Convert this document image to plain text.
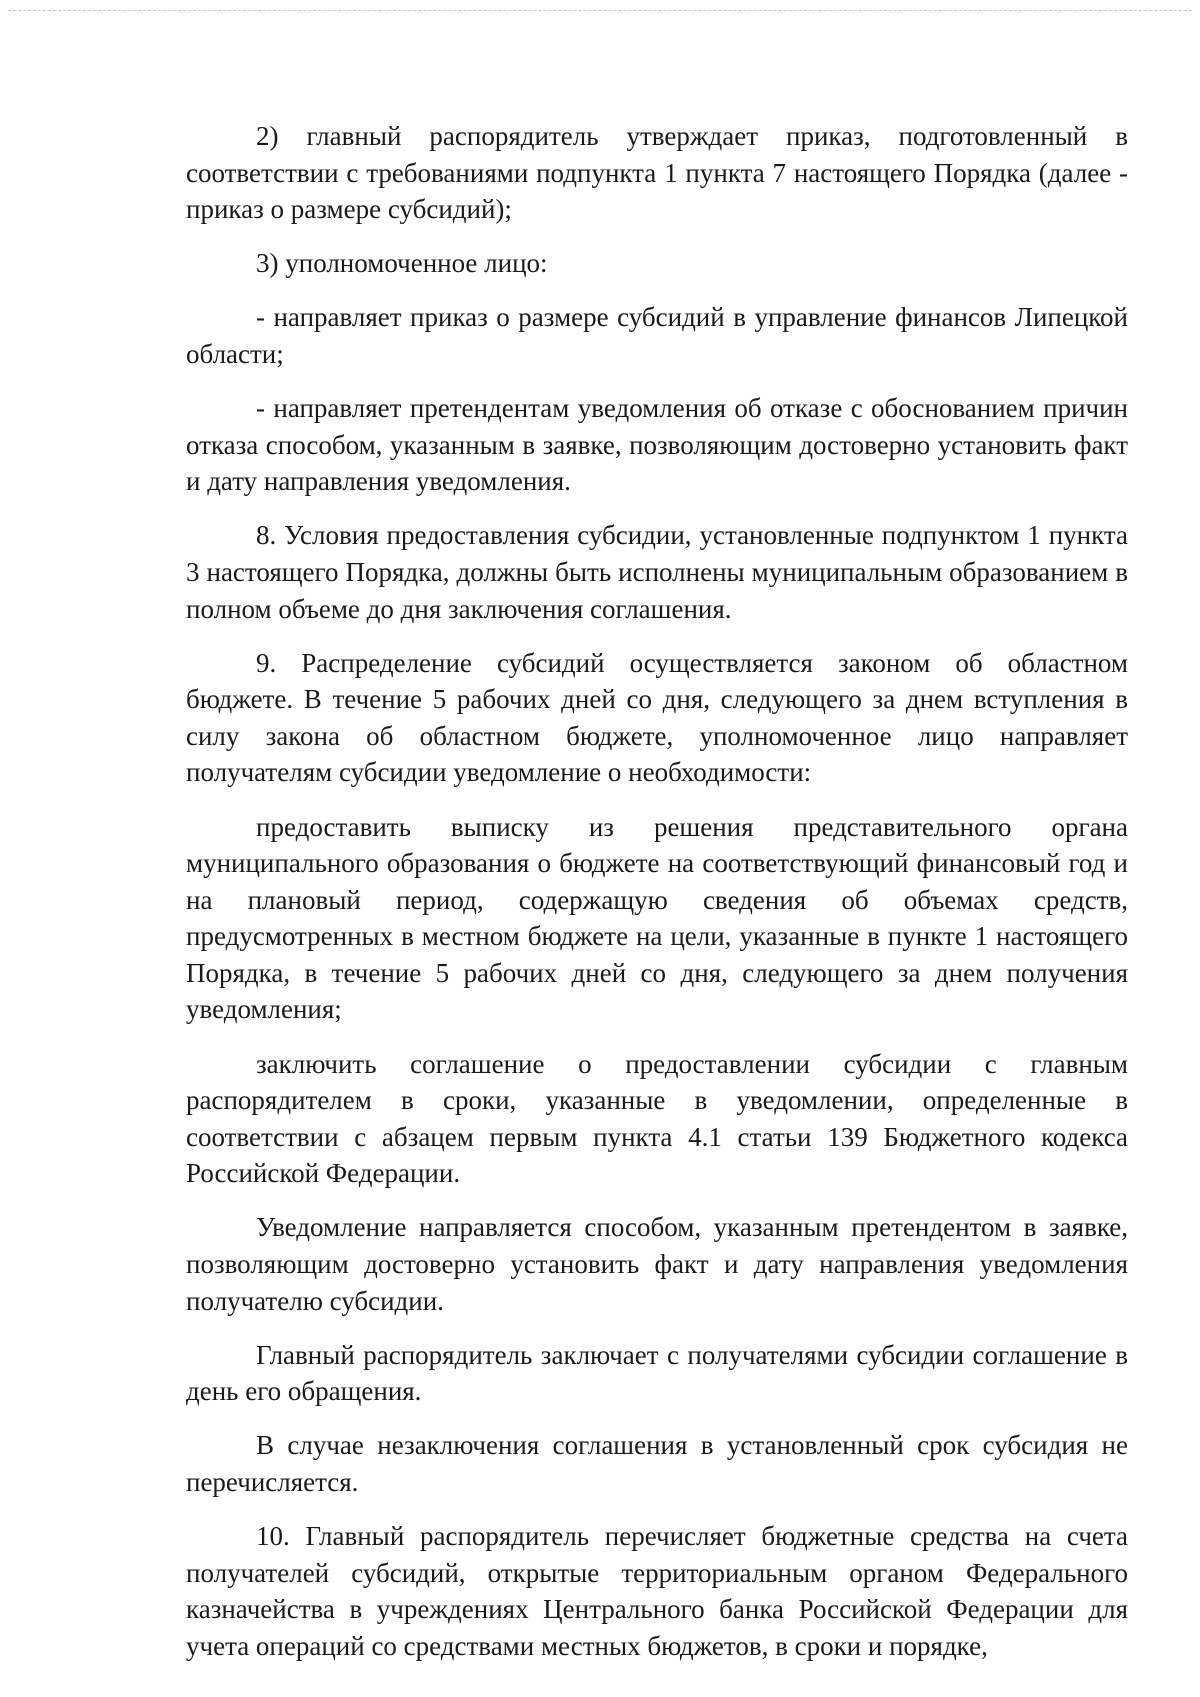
2) главный распорядитель утверждает приказ, подготовленный в соответствии с требованиями подпункта 1 пункта 7 настоящего Порядка (далее - приказ о размере субсидий);

3) уполномоченное лицо:

- направляет приказ о размере субсидий в управление финансов Липецкой области;

- направляет претендентам уведомления об отказе с обоснованием причин отказа способом, указанным в заявке, позволяющим достоверно установить факт и дату направления уведомления.

8. Условия предоставления субсидии, установленные подпунктом 1 пункта 3 настоящего Порядка, должны быть исполнены муниципальным образованием в полном объеме до дня заключения соглашения.

9. Распределение субсидий осуществляется законом об областном бюджете. В течение 5 рабочих дней со дня, следующего за днем вступления в силу закона об областном бюджете, уполномоченное лицо направляет получателям субсидии уведомление о необходимости:

предоставить выписку из решения представительного органа муниципального образования о бюджете на соответствующий финансовый год и на плановый период, содержащую сведения об объемах средств, предусмотренных в местном бюджете на цели, указанные в пункте 1 настоящего Порядка, в течение 5 рабочих дней со дня, следующего за днем получения уведомления;

заключить соглашение о предоставлении субсидии с главным распорядителем в сроки, указанные в уведомлении, определенные в соответствии с абзацем первым пункта 4.1 статьи 139 Бюджетного кодекса Российской Федерации.

Уведомление направляется способом, указанным претендентом в заявке, позволяющим достоверно установить факт и дату направления уведомления получателю субсидии.

Главный распорядитель заключает с получателями субсидии соглашение в день его обращения.

В случае незаключения соглашения в установленный срок субсидия не перечисляется.

10. Главный распорядитель перечисляет бюджетные средства на счета получателей субсидий, открытые территориальным органом Федерального казначейства в учреждениях Центрального банка Российской Федерации для учета операций со средствами местных бюджетов, в сроки и порядке,
